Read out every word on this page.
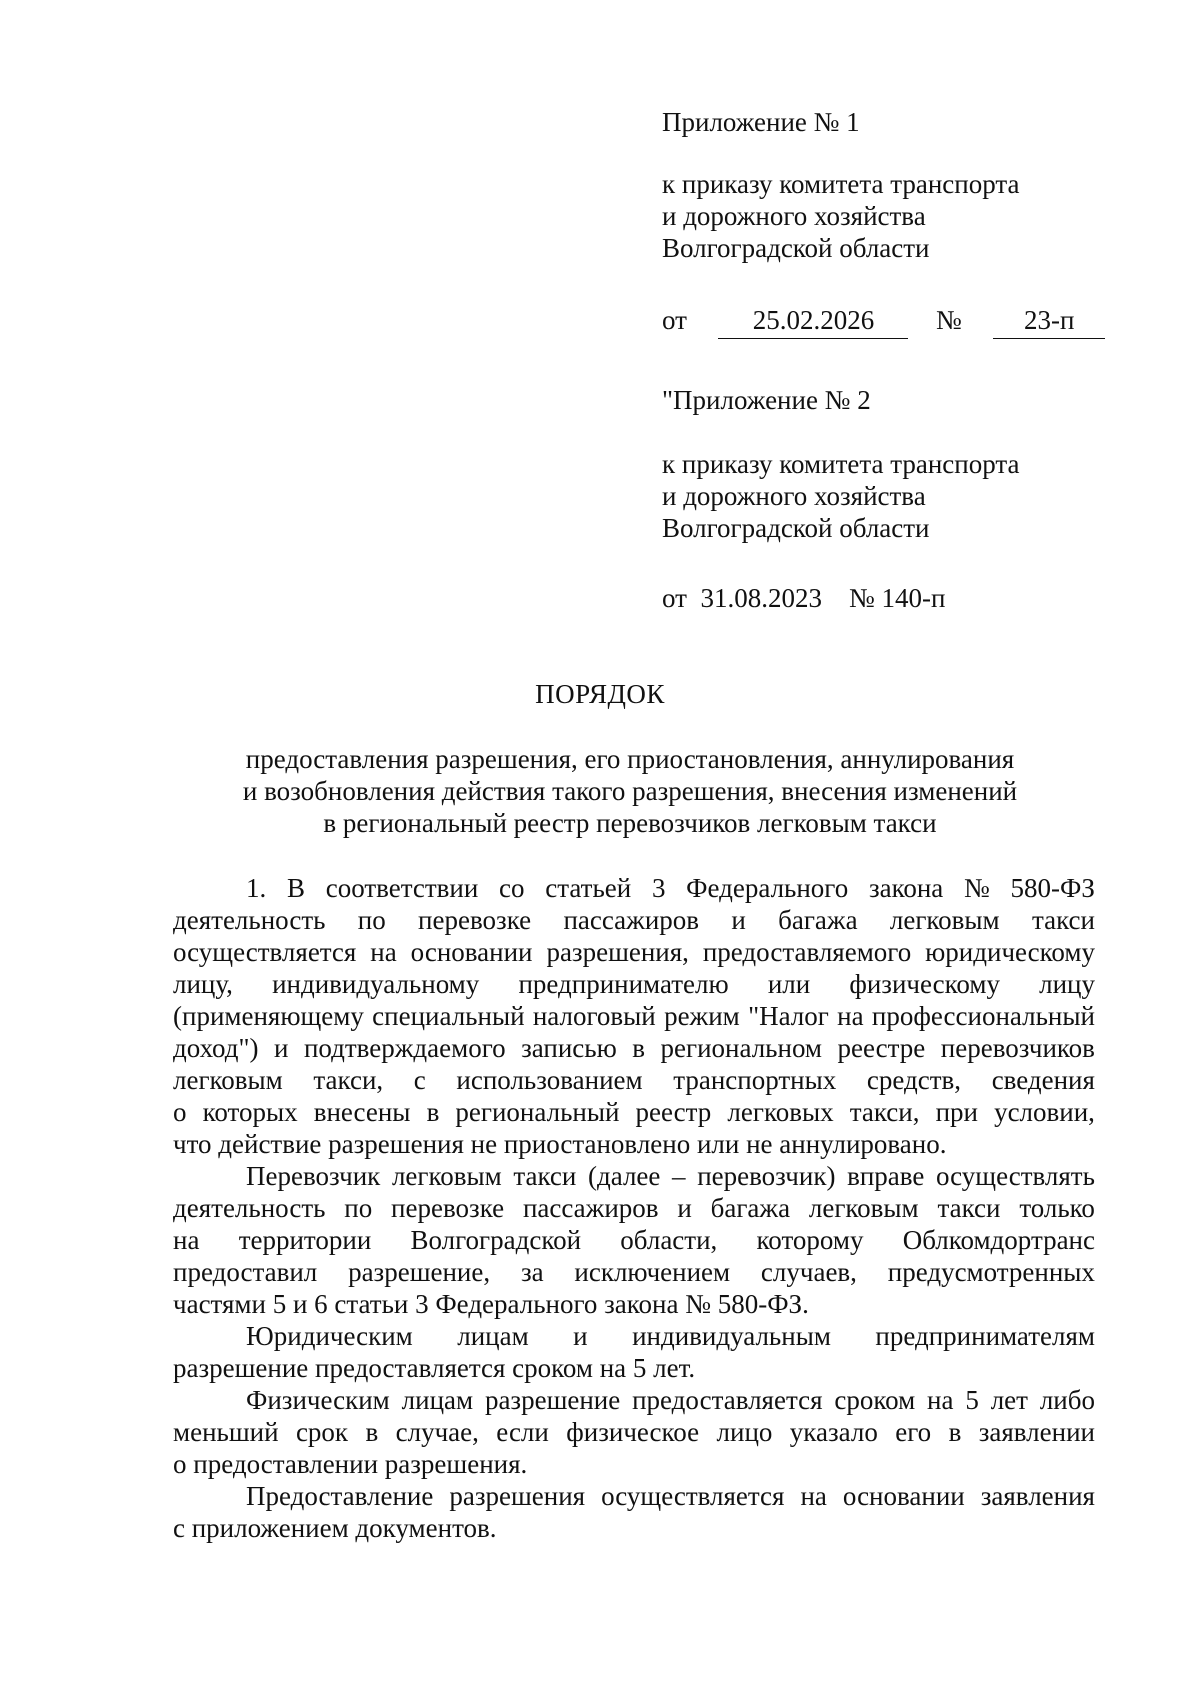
Приложение № 1
к приказу комитета транспорта
и дорожного хозяйства
Волгоградской области
от 25.02.2026 № 23-п
"Приложение № 2
к приказу комитета транспорта
и дорожного хозяйства
Волгоградской области
от  31.08.2023    № 140-п
ПОРЯДОК
предоставления разрешения, его приостановления, аннулирования
и возобновления действия такого разрешения, внесения изменений
в региональный реестр перевозчиков легковым такси
1. В соответствии со статьей 3 Федерального закона № 580-ФЗ
деятельность по перевозке пассажиров и багажа легковым такси
осуществляется на основании разрешения, предоставляемого юридическому
лицу, индивидуальному предпринимателю или физическому лицу
(применяющему специальный налоговый режим "Налог на профессиональный
доход") и подтверждаемого записью в региональном реестре перевозчиков
легковым такси, с использованием транспортных средств, сведения
о которых внесены в региональный реестр легковых такси, при условии,
что действие разрешения не приостановлено или не аннулировано.
Перевозчик легковым такси (далее – перевозчик) вправе осуществлять
деятельность по перевозке пассажиров и багажа легковым такси только
на территории Волгоградской области, которому Облкомдортранс
предоставил разрешение, за исключением случаев, предусмотренных
частями 5 и 6 статьи 3 Федерального закона № 580-ФЗ.
Юридическим лицам и индивидуальным предпринимателям
разрешение предоставляется сроком на 5 лет.
Физическим лицам разрешение предоставляется сроком на 5 лет либо
меньший срок в случае, если физическое лицо указало его в заявлении
о предоставлении разрешения.
Предоставление разрешения осуществляется на основании заявления
с приложением документов.
